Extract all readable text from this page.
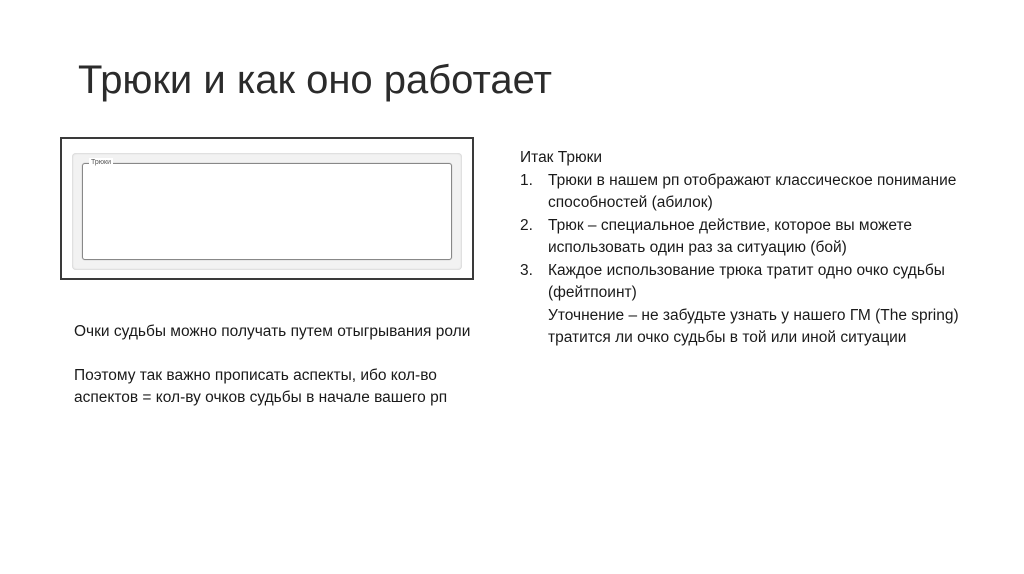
Трюки и как оно работает
Трюки

Очки судьбы можно получать путем отыгрывания роли

Поэтому так важно прописать аспекты, ибо кол-во аспектов = кол-ву очков судьбы в начале вашего рп

Итак Трюки

1. Трюки в нашем рп отображают классическое понимание способностей (абилок)
2. Трюк – специальное действие, которое вы можете использовать один раз за ситуацию (бой)
3. Каждое использование трюка тратит одно очко судьбы (фейтпоинт)
Уточнение – не забудьте узнать у нашего ГМ (The spring) тратится ли очко судьбы в той или иной ситуации
